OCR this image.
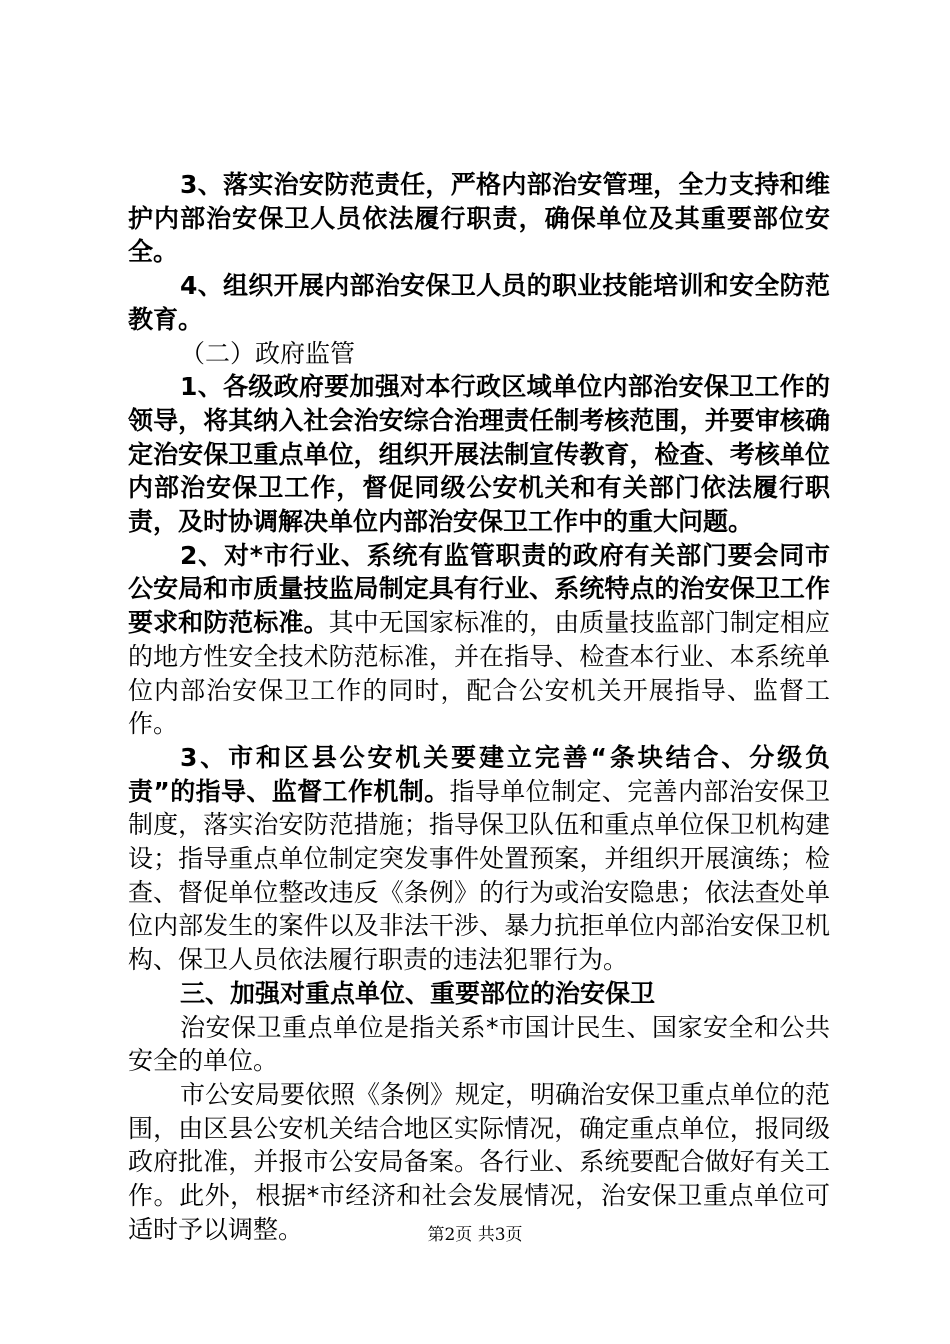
3、落实治安防范责任，严格内部治安管理，全力支持和维护内部治安保卫人员依法履行职责，确保单位及其重要部位安全。

4、组织开展内部治安保卫人员的职业技能培训和安全防范教育。

（二）政府监管

1、各级政府要加强对本行政区域单位内部治安保卫工作的领导，将其纳入社会治安综合治理责任制考核范围，并要审核确定治安保卫重点单位，组织开展法制宣传教育，检查、考核单位内部治安保卫工作，督促同级公安机关和有关部门依法履行职责，及时协调解决单位内部治安保卫工作中的重大问题。

2、对*市行业、系统有监管职责的政府有关部门要会同市公安局和市质量技监局制定具有行业、系统特点的治安保卫工作要求和防范标准。其中无国家标准的，由质量技监部门制定相应的地方性安全技术防范标准，并在指导、检查本行业、本系统单位内部治安保卫工作的同时，配合公安机关开展指导、监督工作。

3、市和区县公安机关要建立完善“条块结合、分级负责”的指导、监督工作机制。指导单位制定、完善内部治安保卫制度，落实治安防范措施；指导保卫队伍和重点单位保卫机构建设；指导重点单位制定突发事件处置预案，并组织开展演练；检查、督促单位整改违反《条例》的行为或治安隐患；依法查处单位内部发生的案件以及非法干涉、暴力抗拒单位内部治安保卫机构、保卫人员依法履行职责的违法犯罪行为。

三、加强对重点单位、重要部位的治安保卫

治安保卫重点单位是指关系*市国计民生、国家安全和公共安全的单位。

市公安局要依照《条例》规定，明确治安保卫重点单位的范围，由区县公安机关结合地区实际情况，确定重点单位，报同级政府批准，并报市公安局备案。各行业、系统要配合做好有关工作。此外，根据*市经济和社会发展情况，治安保卫重点单位可适时予以调整。	第2页 共3页
